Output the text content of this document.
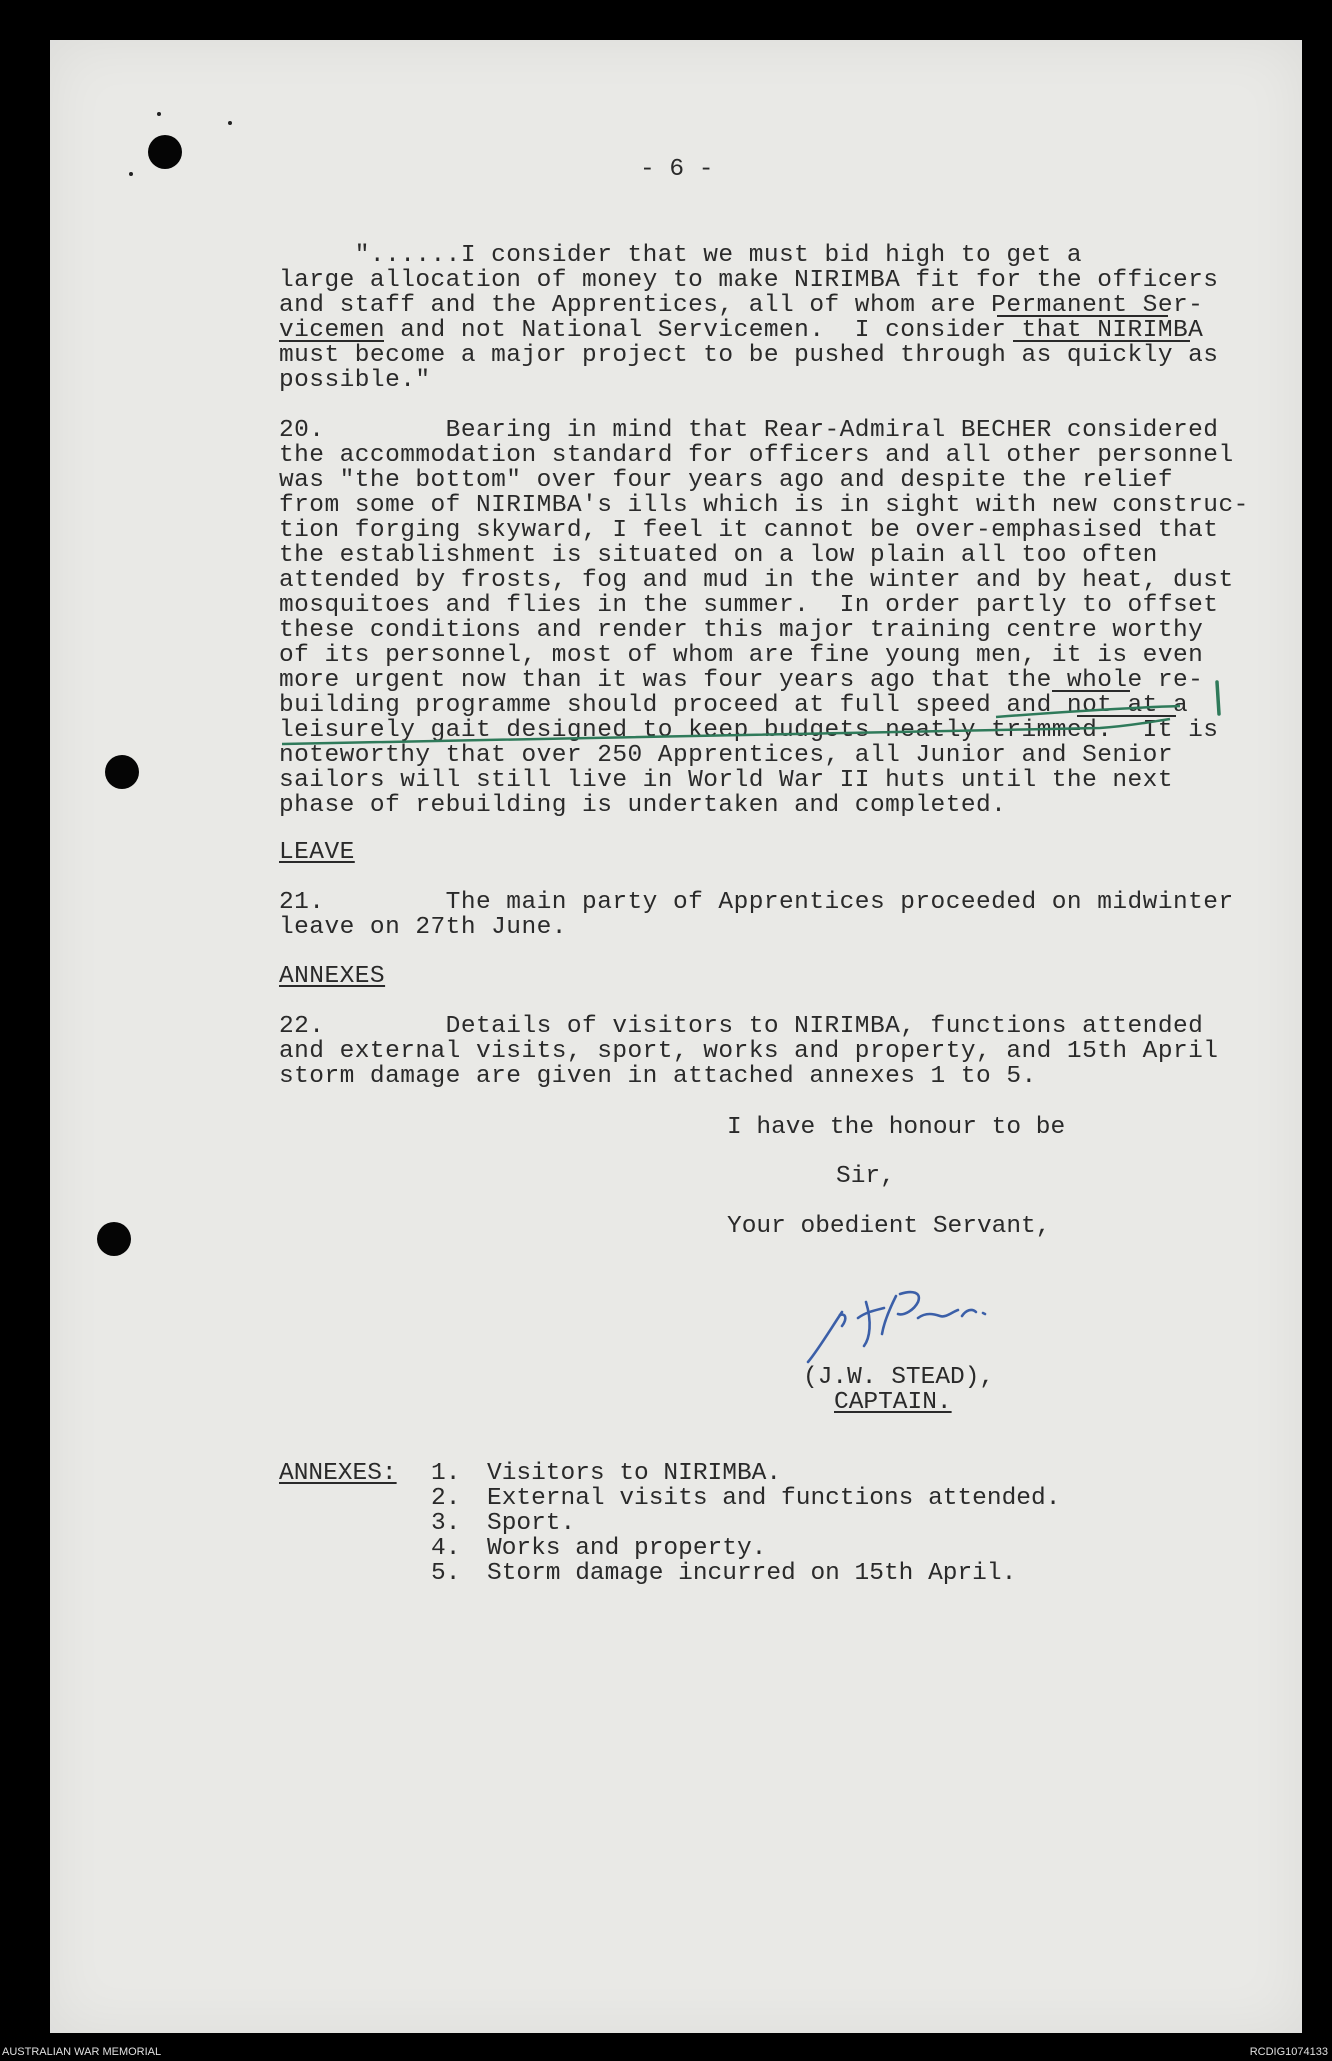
- 6 -
"......I consider that we must bid high to get a
large allocation of money to make NIRIMBA fit for the officers
and staff and the Apprentices, all of whom are Permanent Ser-
vicemen and not National Servicemen.  I consider that NIRIMBA
must become a major project to be pushed through as quickly as
possible."
20.        Bearing in mind that Rear-Admiral BECHER considered
the accommodation standard for officers and all other personnel
was "the bottom" over four years ago and despite the relief
from some of NIRIMBA's ills which is in sight with new construc-
tion forging skyward, I feel it cannot be over-emphasised that
the establishment is situated on a low plain all too often
attended by frosts, fog and mud in the winter and by heat, dust
mosquitoes and flies in the summer.  In order partly to offset
these conditions and render this major training centre worthy
of its personnel, most of whom are fine young men, it is even
more urgent now than it was four years ago that the whole re-
building programme should proceed at full speed and not at a
leisurely gait designed to keep budgets neatly trimmed.  It is
noteworthy that over 250 Apprentices, all Junior and Senior
sailors will still live in World War II huts until the next
phase of rebuilding is undertaken and completed.
LEAVE
21.        The main party of Apprentices proceeded on midwinter
leave on 27th June.
ANNEXES
22.        Details of visitors to NIRIMBA, functions attended
and external visits, sport, works and property, and 15th April
storm damage are given in attached annexes 1 to 5.
I have the honour to be
Sir,
Your obedient Servant,
(J.W. STEAD),
CAPTAIN.
ANNEXES: 1. Visitors to NIRIMBA.
2. External visits and functions attended.
3. Sport.
4. Works and property.
5. Storm damage incurred on 15th April.
AUSTRALIAN WAR MEMORIAL	RCDIG1074133
